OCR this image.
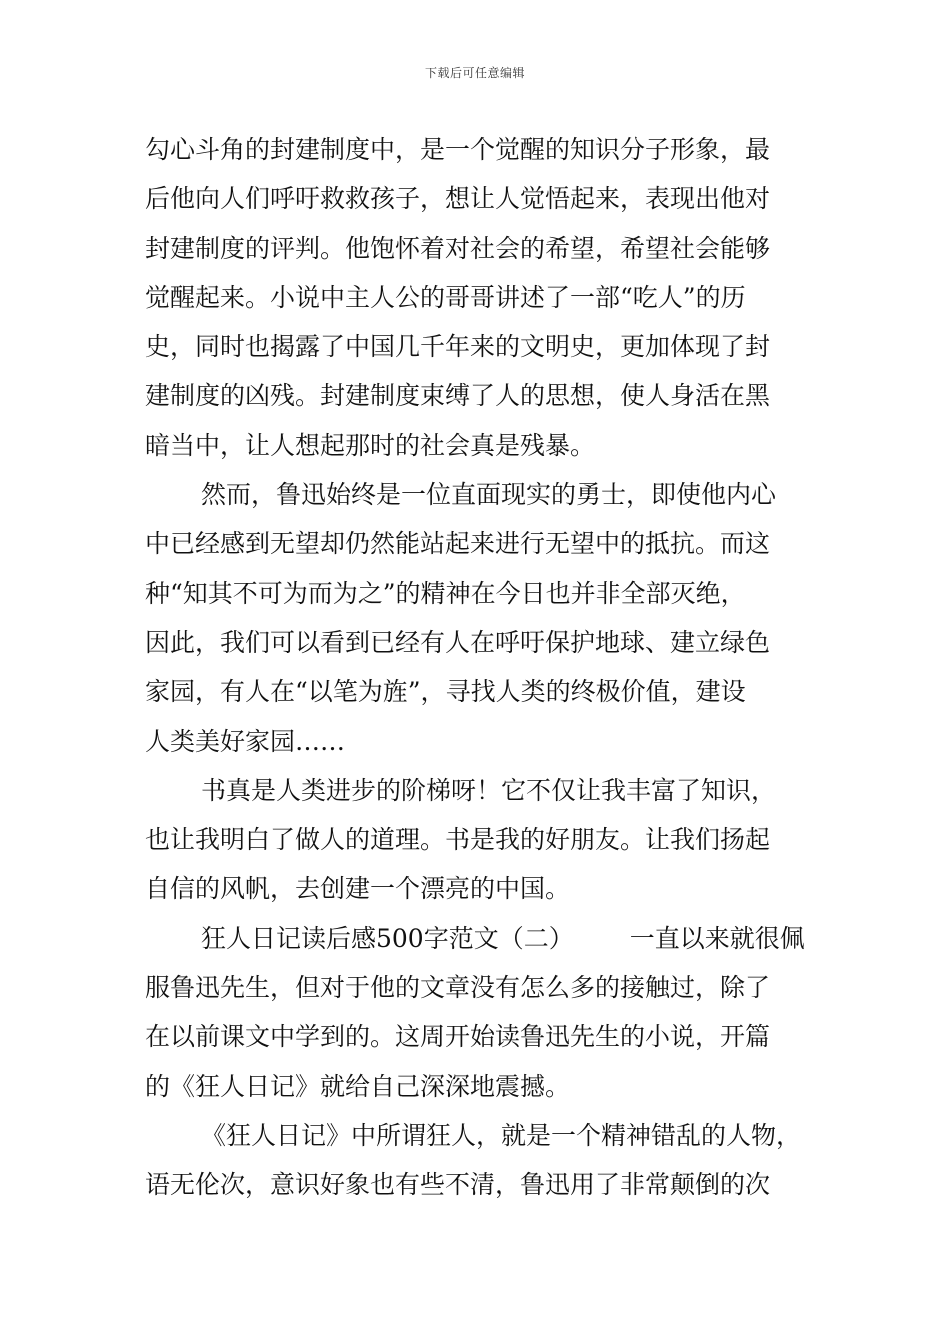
下载后可任意编辑
勾心斗角的封建制度中，是一个觉醒的知识分子形象，最
后他向人们呼吁救救孩子，想让人觉悟起来，表现出他对
封建制度的评判。他饱怀着对社会的希望，希望社会能够
觉醒起来。小说中主人公的哥哥讲述了一部“吃人”的历
史，同时也揭露了中国几千年来的文明史，更加体现了封
建制度的凶残。封建制度束缚了人的思想，使人身活在黑
暗当中，让人想起那时的社会真是残暴。
然而，鲁迅始终是一位直面现实的勇士，即使他内心
中已经感到无望却仍然能站起来进行无望中的抵抗。而这
种“知其不可为而为之”的精神在今日也并非全部灭绝，
因此，我们可以看到已经有人在呼吁保护地球、建立绿色
家园，有人在“以笔为旌”，寻找人类的终极价值，建设
人类美好家园……
书真是人类进步的阶梯呀！它不仅让我丰富了知识，
也让我明白了做人的道理。书是我的好朋友。让我们扬起
自信的风帆，去创建一个漂亮的中国。
狂人日记读后感500字范文（二） 一直以来就很佩
服鲁迅先生，但对于他的文章没有怎么多的接触过，除了
在以前课文中学到的。这周开始读鲁迅先生的小说，开篇
的《狂人日记》就给自己深深地震撼。
《狂人日记》中所谓狂人，就是一个精神错乱的人物，
语无伦次，意识好象也有些不清，鲁迅用了非常颠倒的次
